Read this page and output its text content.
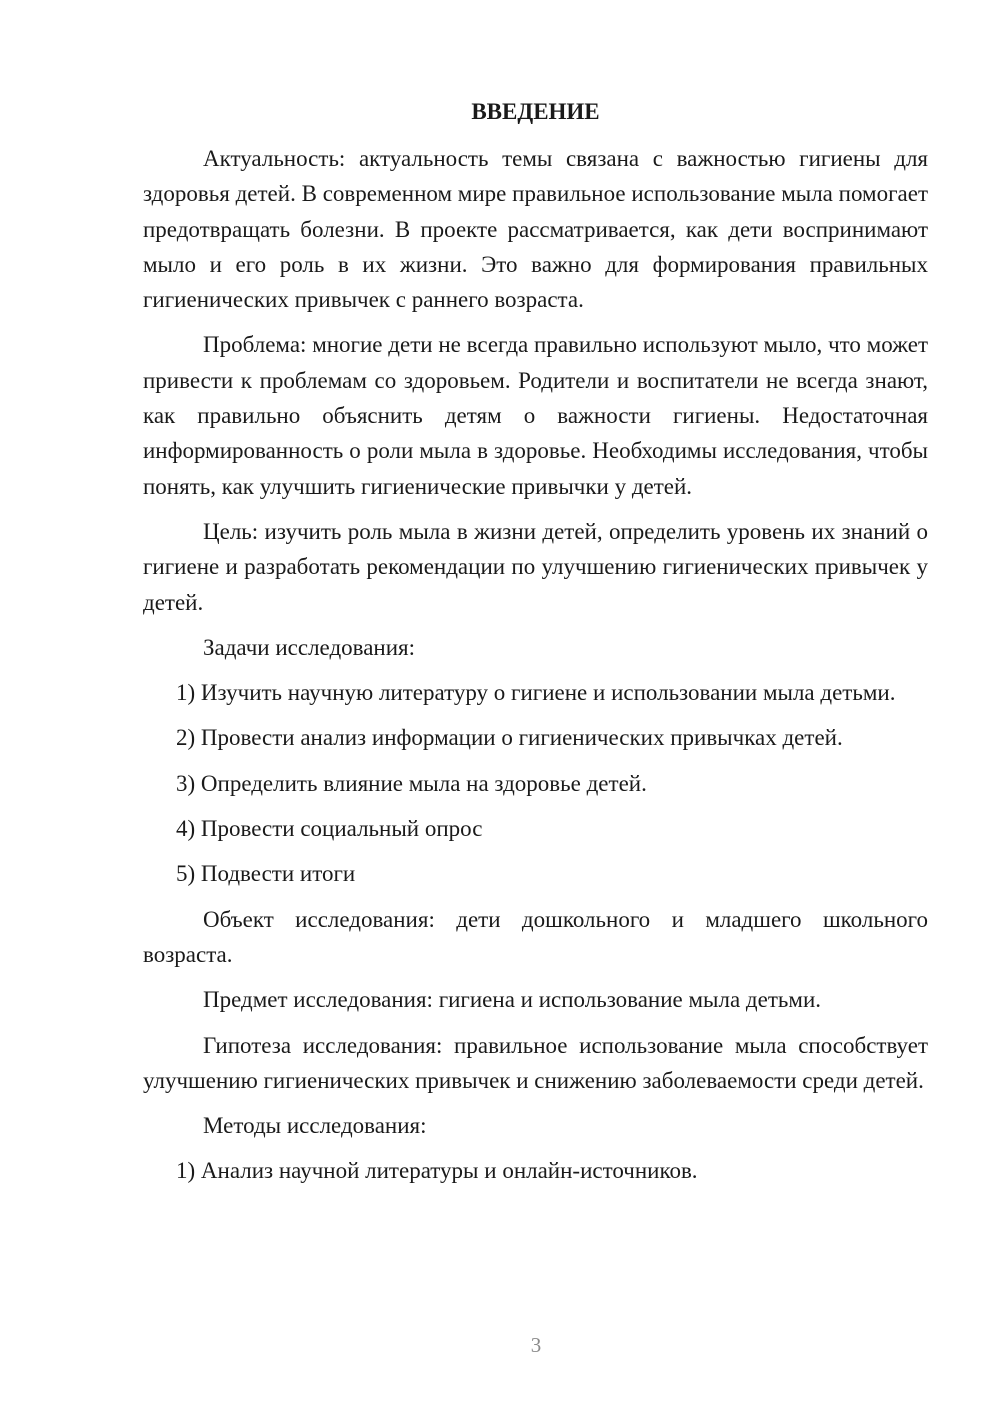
ВВЕДЕНИЕ

Актуальность: актуальность темы связана с важностью гигиены для здоровья детей. В современном мире правильное использование мыла помогает предотвращать болезни. В проекте рассматривается, как дети воспринимают мыло и его роль в их жизни. Это важно для формирования правильных гигиенических привычек с раннего возраста.

Проблема: многие дети не всегда правильно используют мыло, что может привести к проблемам со здоровьем. Родители и воспитатели не всегда знают, как правильно объяснить детям о важности гигиены. Недостаточная информированность о роли мыла в здоровье. Необходимы исследования, чтобы понять, как улучшить гигиенические привычки у детей.

Цель: изучить роль мыла в жизни детей, определить уровень их знаний о гигиене и разработать рекомендации по улучшению гигиенических привычек у детей.

Задачи исследования:

1) Изучить научную литературу о гигиене и использовании мыла детьми.

2) Провести анализ информации о гигиенических привычках детей.

3) Определить влияние мыла на здоровье детей.

4) Провести социальный опрос

5) Подвести итоги

Объект исследования: дети дошкольного и младшего школьного возраста.

Предмет исследования: гигиена и использование мыла детьми.

Гипотеза исследования: правильное использование мыла способствует улучшению гигиенических привычек и снижению заболеваемости среди детей.

Методы исследования:

1) Анализ научной литературы и онлайн-источников.

3
